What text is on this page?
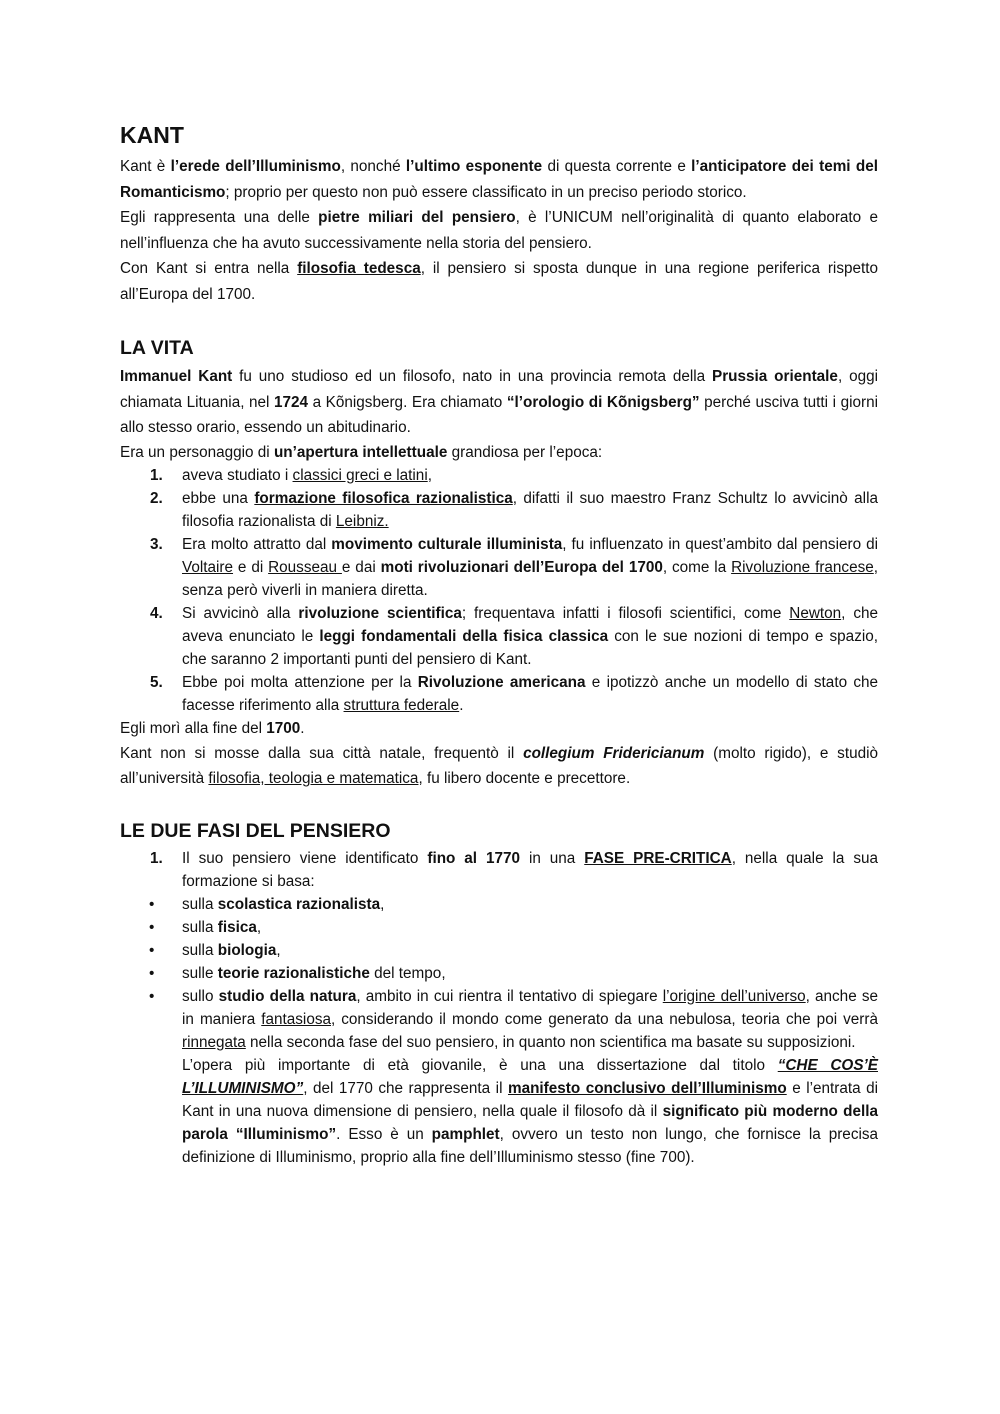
KANT

Kant è l’erede dell’Illuminismo, nonché l’ultimo esponente di questa corrente e l’anticipatore dei temi del Romanticismo; proprio per questo non può essere classificato in un preciso periodo storico.

Egli rappresenta una delle pietre miliari del pensiero, è l’UNICUM nell’originalità di quanto elaborato e nell’influenza che ha avuto successivamente nella storia del pensiero.

Con Kant si entra nella filosofia tedesca, il pensiero si sposta dunque in una regione periferica rispetto all’Europa del 1700.

LA VITA

Immanuel Kant fu uno studioso ed un filosofo, nato in una provincia remota della Prussia orientale, oggi chiamata Lituania, nel 1724 a Kõnigsberg. Era chiamato “l’orologio di Kõnigsberg” perché usciva tutti i giorni allo stesso orario, essendo un abitudinario.

Era un personaggio di un’apertura intellettuale grandiosa per l’epoca:

1. aveva studiato i classici greci e latini,
2. ebbe una formazione filosofica razionalistica, difatti il suo maestro Franz Schultz lo avvicinò alla filosofia razionalista di Leibniz.
3. Era molto attratto dal movimento culturale illuminista, fu influenzato in quest’ambito dal pensiero di Voltaire e di Rousseau e dai moti rivoluzionari dell’Europa del 1700, come la Rivoluzione francese, senza però viverli in maniera diretta.
4. Si avvicinò alla rivoluzione scientifica; frequentava infatti i filosofi scientifici, come Newton, che aveva enunciato le leggi fondamentali della fisica classica con le sue nozioni di tempo e spazio, che saranno 2 importanti punti del pensiero di Kant.
5. Ebbe poi molta attenzione per la Rivoluzione americana e ipotizzò anche un modello di stato che facesse riferimento alla struttura federale.

Egli morì alla fine del 1700.

Kant non si mosse dalla sua città natale, frequentò il collegium Fridericianum (molto rigido), e studiò all’università filosofia, teologia e matematica, fu libero docente e precettore.

LE DUE FASI DEL PENSIERO
1. Il suo pensiero viene identificato fino al 1770 in una FASE PRE-CRITICA, nella quale la sua formazione si basa:
• sulla scolastica razionalista,
• sulla fisica,
• sulla biologia,
• sulle teorie razionalistiche del tempo,
• sullo studio della natura, ambito in cui rientra il tentativo di spiegare l’origine dell’universo, anche se in maniera fantasiosa, considerando il mondo come generato da una nebulosa, teoria che poi verrà rinnegata nella seconda fase del suo pensiero, in quanto non scientifica ma basate su supposizioni.

L’opera più importante di età giovanile, è una una dissertazione dal titolo “CHE COS’È L’ILLUMINISMO”, del 1770 che rappresenta il manifesto conclusivo dell’Illuminismo e l’entrata di Kant in una nuova dimensione di pensiero, nella quale il filosofo dà il significato più moderno della parola “Illuminismo”. Esso è un pamphlet, ovvero un testo non lungo, che fornisce la precisa definizione di Illuminismo, proprio alla fine dell’Illuminismo stesso (fine 700).
